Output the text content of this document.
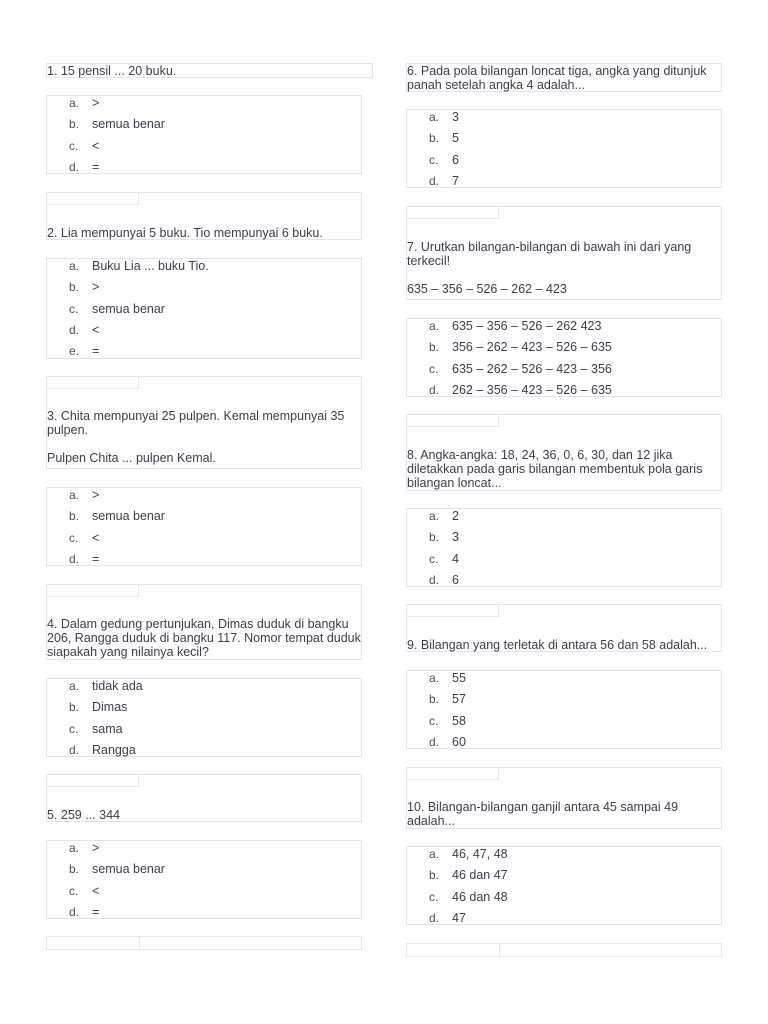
1. 15 pensil ... 20 buku.
a.	>
b.	semua benar
c.	<
d.	=
2. Lia mempunyai 5 buku. Tio mempunyai 6 buku.
a.	Buku Lia ... buku Tio.
b.	>
c.	semua benar
d.	<
e.	=
3. Chita mempunyai 25 pulpen. Kemal mempunyai 35 pulpen.

Pulpen Chita ... pulpen Kemal.
a.	>
b.	semua benar
c.	<
d.	=
4. Dalam gedung pertunjukan, Dimas duduk di bangku 206, Rangga duduk di bangku 117. Nomor tempat duduk siapakah yang nilainya kecil?
a.	tidak ada
b.	Dimas
c.	sama
d.	Rangga
5. 259 ... 344
a.	>
b.	semua benar
c.	<
d.	=
6. Pada pola bilangan loncat tiga, angka yang ditunjuk panah setelah angka 4 adalah...
a.	3
b.	5
c.	6
d.	7
7. Urutkan bilangan-bilangan di bawah ini dari yang terkecil!

635 – 356 – 526 – 262 – 423
a.	635 – 356 – 526 – 262 423
b.	356 – 262 – 423 – 526 – 635
c.	635 – 262 – 526 – 423 – 356
d.	262 – 356 – 423 – 526 – 635
8. Angka-angka: 18, 24, 36, 0, 6, 30, dan 12 jika diletakkan pada garis bilangan membentuk pola garis bilangan loncat...
a.	2
b.	3
c.	4
d.	6
9. Bilangan yang terletak di antara 56 dan 58 adalah...
a.	55
b.	57
c.	58
d.	60
10. Bilangan-bilangan ganjil antara 45 sampai 49 adalah...
a.	46, 47, 48
b.	46 dan 47
c.	46 dan 48
d.	47
